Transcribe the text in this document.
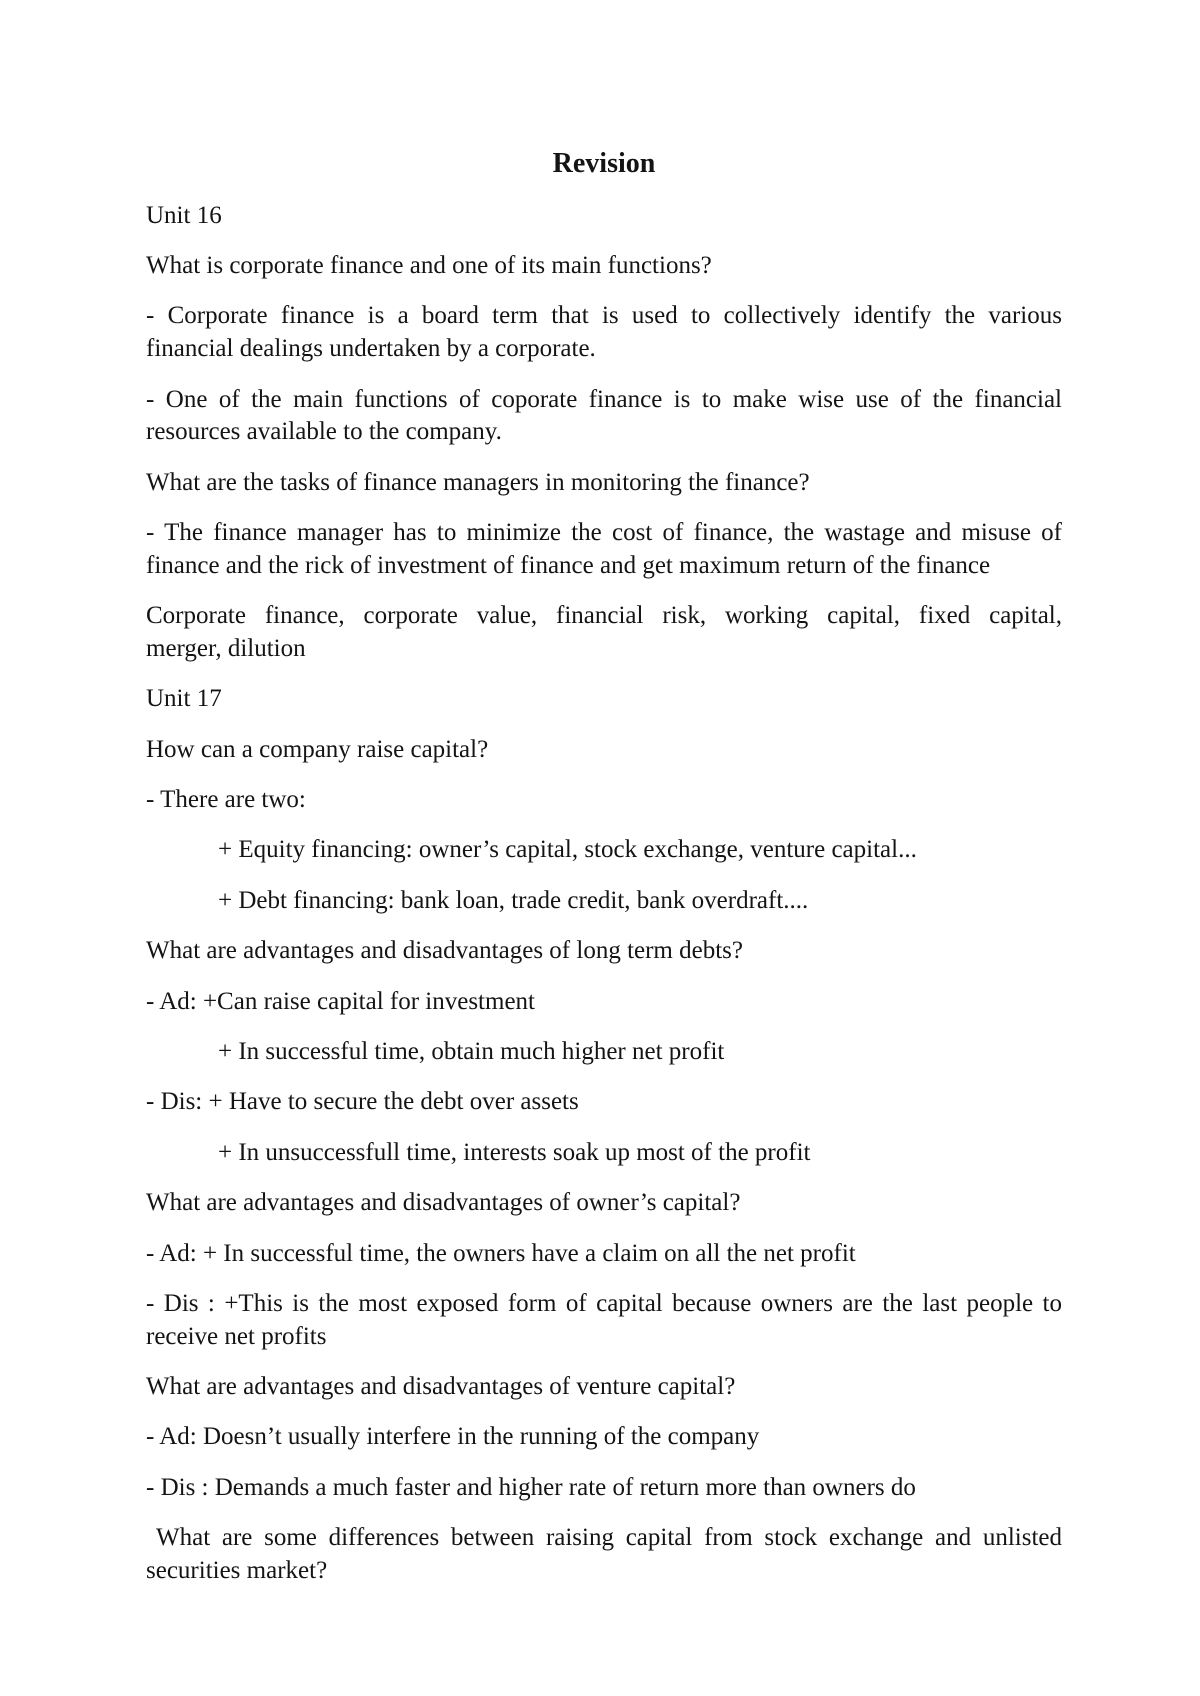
Revision
Unit 16
What is corporate finance and one of its main functions?
- Corporate finance is a board term that is used to collectively identify the various
financial dealings undertaken by a corporate.
- One of the main functions of coporate finance is to make wise use of the financial
resources available to the company.
What are the tasks of finance managers in monitoring the finance?
- The finance manager has to minimize the cost of finance, the wastage and misuse of
finance and the rick of investment of finance and get maximum return of the finance
Corporate finance, corporate value, financial risk, working capital, fixed capital,
merger, dilution
Unit 17
How can a company raise capital?
- There are two:
+ Equity financing: owner’s capital, stock exchange, venture capital...
+ Debt financing: bank loan, trade credit, bank overdraft....
What are advantages and disadvantages of long term debts?
- Ad: +Can raise capital for investment
+ In successful time, obtain much higher net profit
- Dis: + Have to secure the debt over assets
+ In unsuccessfull time, interests soak up most of the profit
What are advantages and disadvantages of owner’s capital?
- Ad: + In successful time, the owners have a claim on all the net profit
- Dis : +This is the most exposed form of capital because owners are the last people to
receive net profits
What are advantages and disadvantages of venture capital?
- Ad: Doesn’t usually interfere in the running of the company
- Dis : Demands a much faster and higher rate of return more than owners do
What are some differences between raising capital from stock exchange and unlisted
securities market?
